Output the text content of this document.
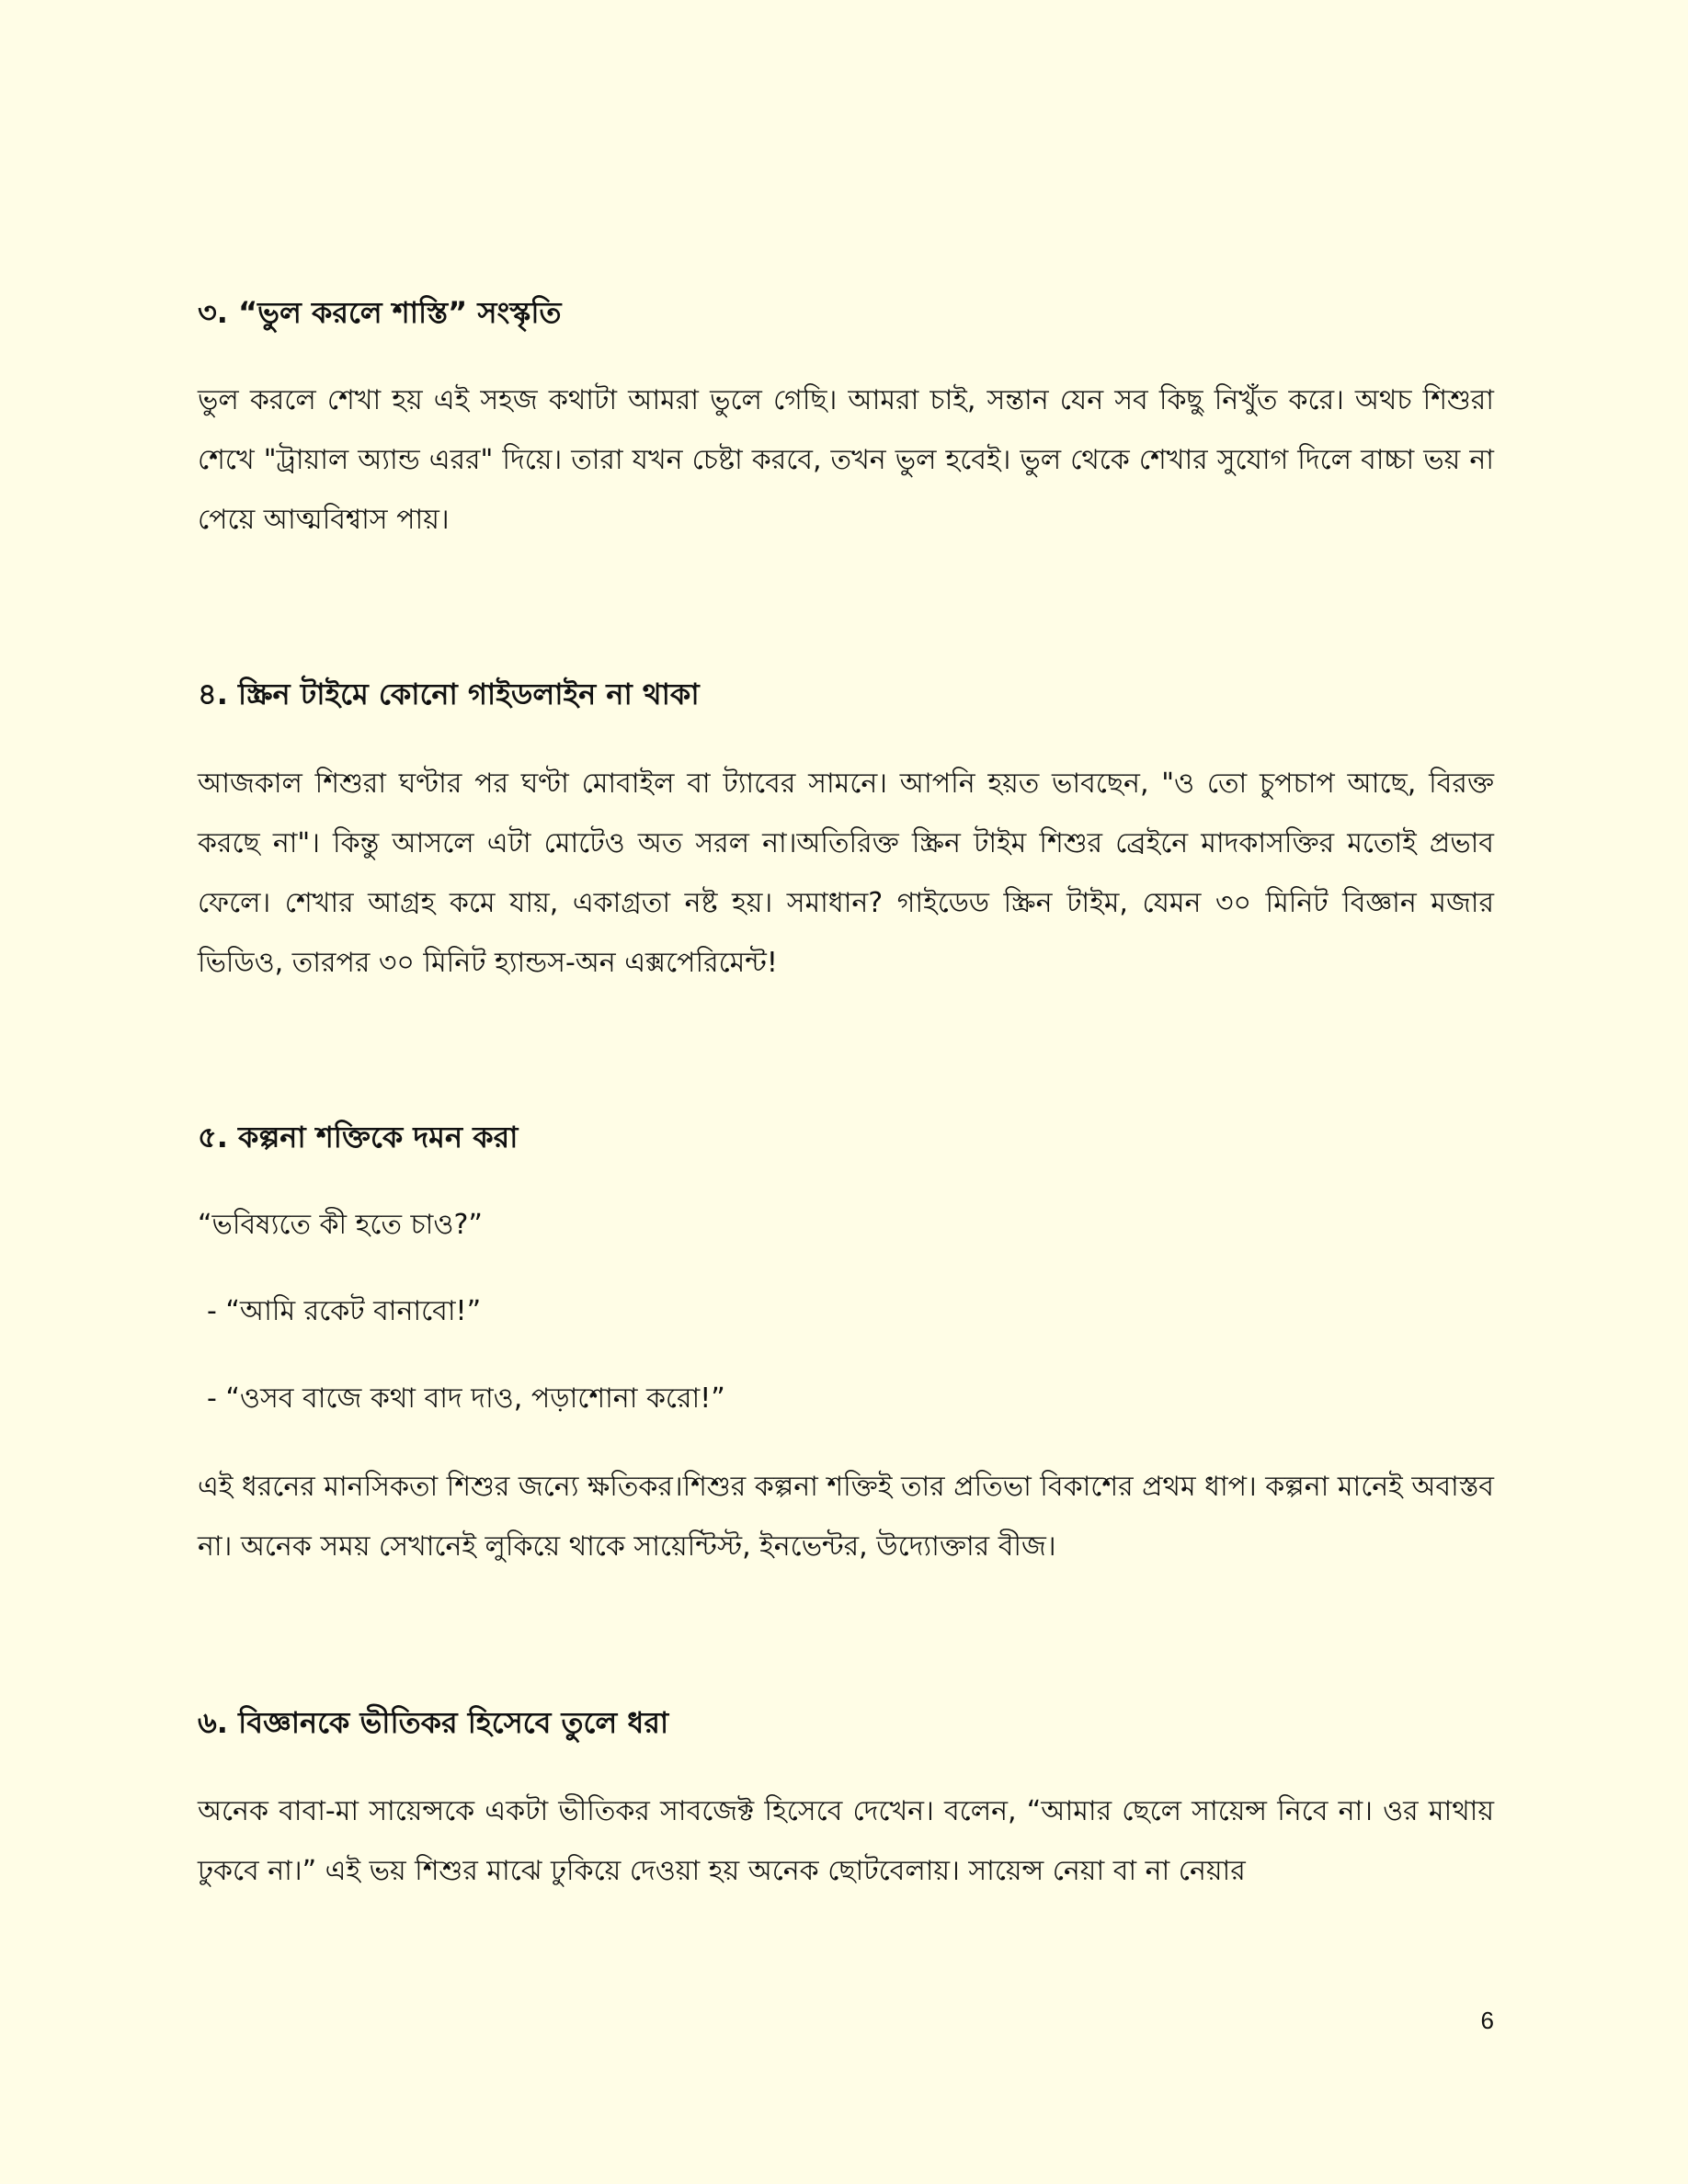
৩. “ভুল করলে শাস্তি” সংস্কৃতি
ভুল করলে শেখা হয় এই সহজ কথাটা আমরা ভুলে গেছি। আমরা চাই, সন্তান যেন সব কিছু নিখুঁত করে। অথচ শিশুরা শেখে "ট্রায়াল অ্যান্ড এরর" দিয়ে। তারা যখন চেষ্টা করবে, তখন ভুল হবেই। ভুল থেকে শেখার সুযোগ দিলে বাচ্চা ভয় না পেয়ে আত্মবিশ্বাস পায়।
৪. স্ক্রিন টাইমে কোনো গাইডলাইন না থাকা
আজকাল শিশুরা ঘণ্টার পর ঘণ্টা মোবাইল বা ট্যাবের সামনে। আপনি হয়ত ভাবছেন, "ও তো চুপচাপ আছে, বিরক্ত করছে না"। কিন্তু আসলে এটা মোটেও অত সরল না।অতিরিক্ত স্ক্রিন টাইম শিশুর ব্রেইনে মাদকাসক্তির মতোই প্রভাব ফেলে। শেখার আগ্রহ কমে যায়, একাগ্রতা নষ্ট হয়। সমাধান? গাইডেড স্ক্রিন টাইম, যেমন ৩০ মিনিট বিজ্ঞান মজার ভিডিও, তারপর ৩০ মিনিট হ্যান্ডস-অন এক্সপেরিমেন্ট!
৫. কল্পনা শক্তিকে দমন করা
“ভবিষ্যতে কী হতে চাও?”
- “আমি রকেট বানাবো!”
- “ওসব বাজে কথা বাদ দাও, পড়াশোনা করো!”
এই ধরনের মানসিকতা শিশুর জন্যে ক্ষতিকর।শিশুর কল্পনা শক্তিই তার প্রতিভা বিকাশের প্রথম ধাপ। কল্পনা মানেই অবাস্তব না। অনেক সময় সেখানেই লুকিয়ে থাকে সায়েন্টিস্ট, ইনভেন্টর, উদ্যোক্তার বীজ।
৬. বিজ্ঞানকে ভীতিকর হিসেবে তুলে ধরা
অনেক বাবা-মা সায়েন্সকে একটা ভীতিকর সাবজেক্ট হিসেবে দেখেন। বলেন, “আমার ছেলে সায়েন্স নিবে না। ওর মাথায় ঢুকবে না।” এই ভয় শিশুর মাঝে ঢুকিয়ে দেওয়া হয় অনেক ছোটবেলায়। সায়েন্স নেয়া বা না নেয়ার
6
